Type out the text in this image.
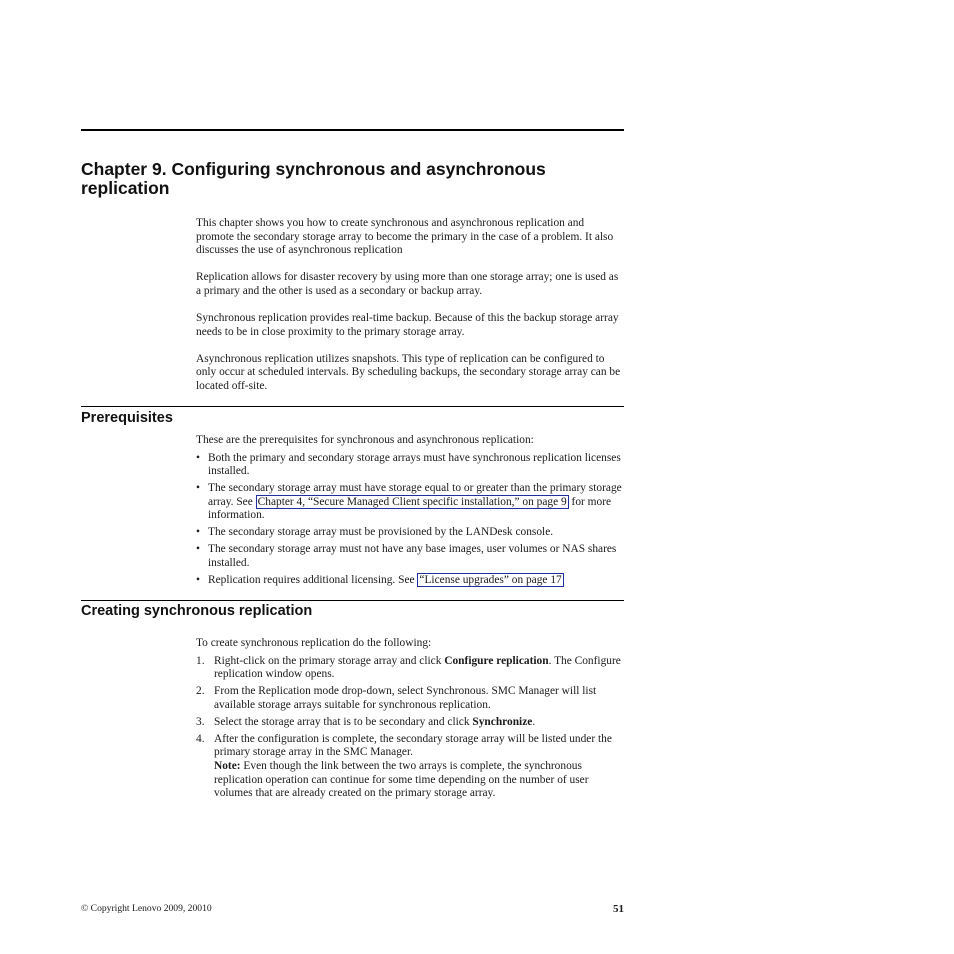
Chapter 9. Configuring synchronous and asynchronous replication

This chapter shows you how to create synchronous and asynchronous replication and promote the secondary storage array to become the primary in the case of a problem. It also discusses the use of asynchronous replication

Replication allows for disaster recovery by using more than one storage array; one is used as a primary and the other is used as a secondary or backup array.

Synchronous replication provides real-time backup. Because of this the backup storage array needs to be in close proximity to the primary storage array.

Asynchronous replication utilizes snapshots. This type of replication can be configured to only occur at scheduled intervals. By scheduling backups, the secondary storage array can be located off-site.

Prerequisites

These are the prerequisites for synchronous and asynchronous replication:

• Both the primary and secondary storage arrays must have synchronous replication licenses installed.
• The secondary storage array must have storage equal to or greater than the primary storage array. See Chapter 4, “Secure Managed Client specific installation,” on page 9 for more information.
• The secondary storage array must be provisioned by the LANDesk console.
• The secondary storage array must not have any base images, user volumes or NAS shares installed.
• Replication requires additional licensing. See “License upgrades” on page 17
Creating synchronous replication

To create synchronous replication do the following:

1. Right-click on the primary storage array and click Configure replication. The Configure replication window opens.
2. From the Replication mode drop-down, select Synchronous. SMC Manager will list available storage arrays suitable for synchronous replication.
3. Select the storage array that is to be secondary and click Synchronize.
4. After the configuration is complete, the secondary storage array will be listed under the primary storage array in the SMC Manager.

Note: Even though the link between the two arrays is complete, the synchronous replication operation can continue for some time depending on the number of user volumes that are already created on the primary storage array.

© Copyright Lenovo 2009, 20010	51
